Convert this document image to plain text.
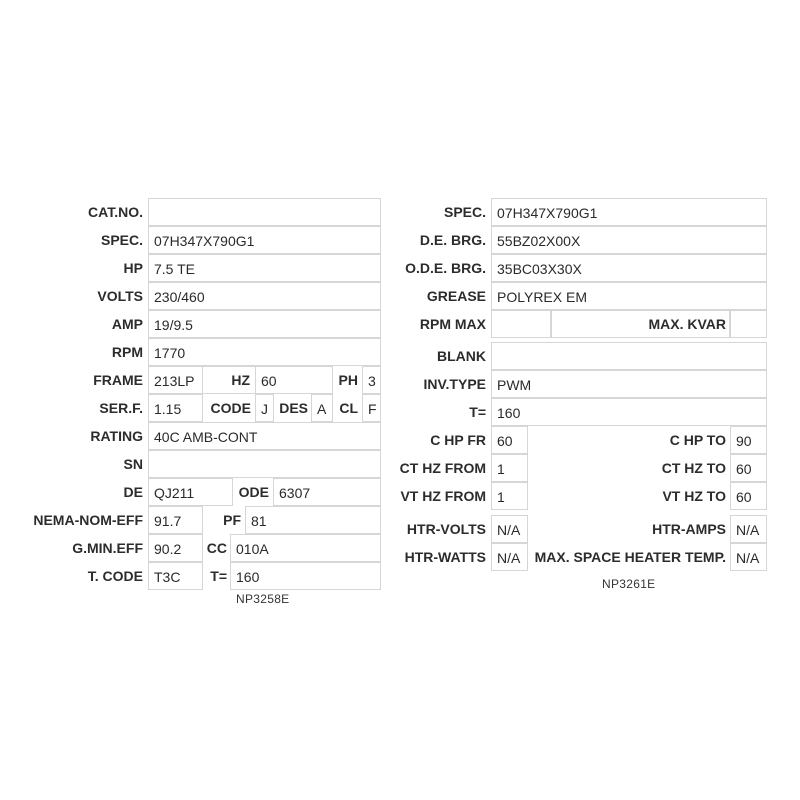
CAT.NO.
SPEC. 07H347X790G1
HP 7.5 TE
VOLTS 230/460
AMP 19/9.5
RPM 1770
FRAME 213LP	HZ 60	PH 3
SER.F. 1.15	CODE J DES A CL F
RATING 40C AMB-CONT
SN
DE QJ211	ODE 6307
NEMA-NOM-EFF 91.7	PF 81
G.MIN.EFF 90.2	CC 010A
T. CODE T3C	T= 160
NP3258E
SPEC. 07H347X790G1
D.E. BRG. 55BZ02X00X
O.D.E. BRG. 35BC03X30X
GREASE POLYREX EM
RPM MAX	MAX. KVAR
BLANK
INV.TYPE PWM
T= 160
C HP FR 60	C HP TO 90
CT HZ FROM 1	CT HZ TO 60
VT HZ FROM 1	VT HZ TO 60
HTR-VOLTS N/A	HTR-AMPS N/A
HTR-WATTS N/A	MAX. SPACE HEATER TEMP. N/A
NP3261E
